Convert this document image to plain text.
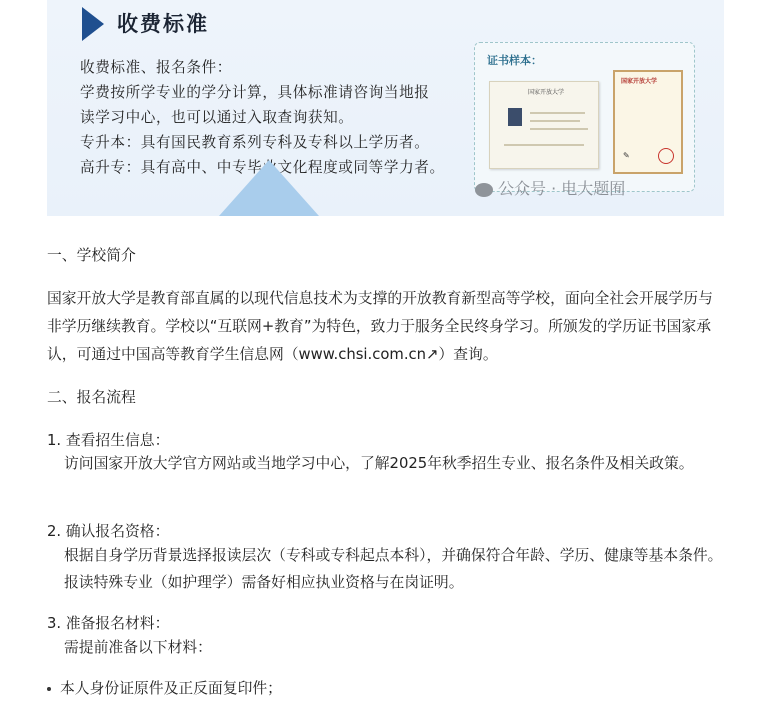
收费标准
收费标准、报名条件：
学费按所学专业的学分计算，具体标准请咨询当地报
读学习中心，也可以通过入取查询获知。
专升本：具有国民教育系列专科及专科以上学历者。
高升专：具有高中、中专毕业文化程度或同等学力者。
证书样本：
国家开放大学
国家开放大学
✎
公众号 · 电大题囿
一、学校简介
国家开放大学是教育部直属的以现代信息技术为支撑的开放教育新型高等学校，面向全社会开展学历与非学历继续教育。学校以“互联网+教育”为特色，致力于服务全民终身学习。所颁发的学历证书国家承认，可通过中国高等教育学生信息网（www.chsi.com.cn↗）查询。
二、报名流程
1. 查看招生信息：
访问国家开放大学官方网站或当地学习中心，了解2025年秋季招生专业、报名条件及相关政策。
2. 确认报名资格：
根据自身学历背景选择报读层次（专科或专科起点本科），并确保符合年龄、学历、健康等基本条件。报读特殊专业（如护理学）需备好相应执业资格与在岗证明。
3. 准备报名材料：
需提前准备以下材料：
本人身份证原件及正反面复印件；
